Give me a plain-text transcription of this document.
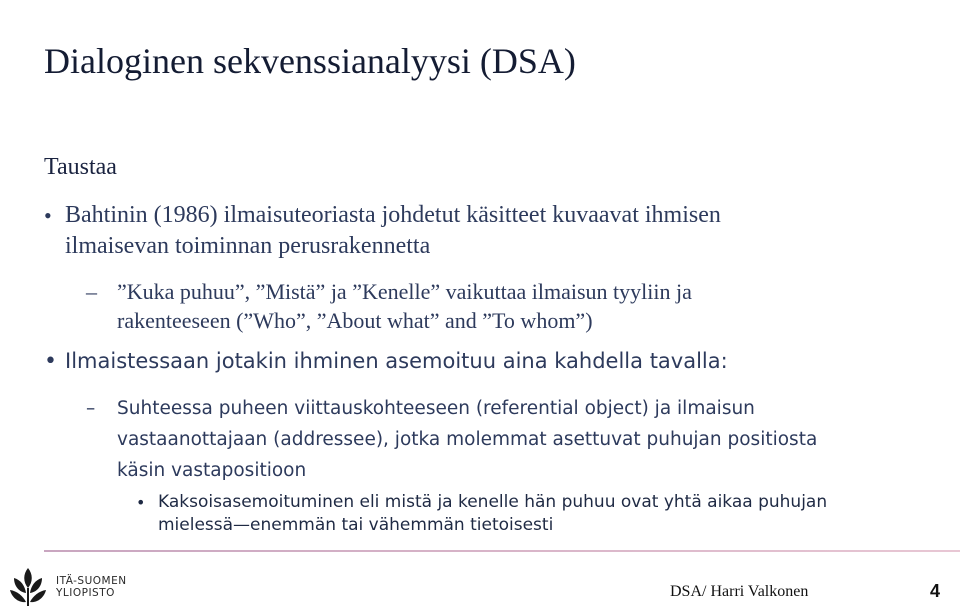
Dialoginen sekvenssianalyysi (DSA)
Taustaa
• Bahtinin (1986) ilmaisuteoriasta johdetut käsitteet kuvaavat ihmisen
ilmaisevan toiminnan perusrakennetta
– ”Kuka puhuu”, ”Mistä” ja ”Kenelle” vaikuttaa ilmaisun tyyliin ja
rakenteeseen (”Who”, ”About what” and ”To whom”)
• Ilmaistessaan jotakin ihminen asemoituu aina kahdella tavalla:
–	Suhteessa puheen viittauskohteeseen (referential object) ja ilmaisun
vastaanottajaan (addressee), jotka molemmat asettuvat puhujan positiosta
käsin vastapositioon
• Kaksoisasemoituminen eli mistä ja kenelle hän puhuu ovat yhtä aikaa puhujan
mielessä—enemmän tai vähemmän tietoisesti
ITÄ-SUOMEN
YLIOPISTO	DSA/ Harri Valkonen	4
